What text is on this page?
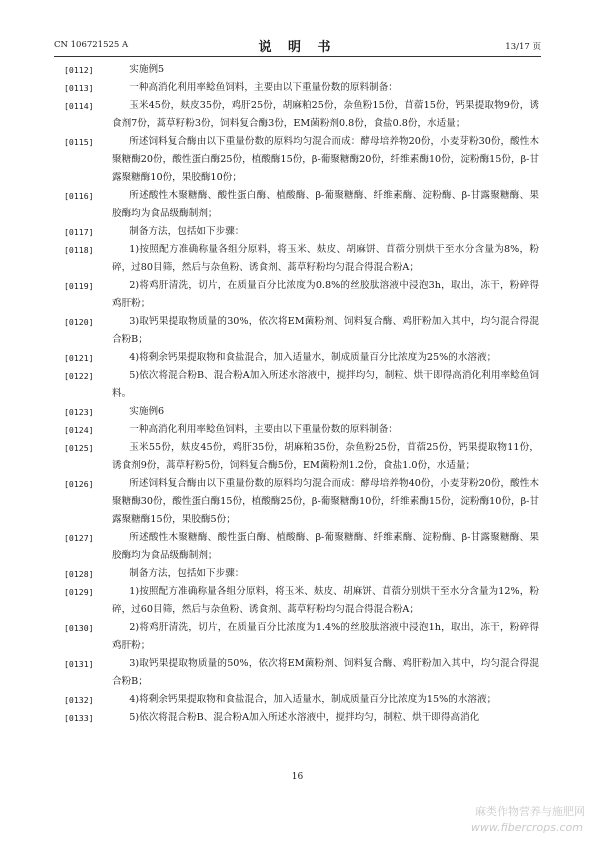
CN 106721525 A	说 明 书	13/17 页
[0112]	实施例5
[0113]	一种高消化利用率鲶鱼饲料，主要由以下重量份数的原料制备：
[0114]	玉米45份，麸皮35份，鸡肝25份，胡麻粕25份，杂鱼粉15份，苜蓿15份，钙果提取物9份，诱食剂7份，蒿草籽粉3份，饲料复合酶3份，EM菌粉剂0.8份，食盐0.8份，水适量；
[0115]	所述饲料复合酶由以下重量份数的原料均匀混合而成：酵母培养物20份，小麦芽粉30份，酸性木聚糖酶20份，酸性蛋白酶25份，植酸酶15份，β-葡聚糖酶20份，纤维素酶10份，淀粉酶15份，β-甘露聚糖酶10份，果胶酶10份；
[0116]	所述酸性木聚糖酶、酸性蛋白酶、植酸酶、β-葡聚糖酶、纤维素酶、淀粉酶、β-甘露聚糖酶、果胶酶均为食品级酶制剂；
[0117]	制备方法，包括如下步骤：
[0118]	1)按照配方准确称量各组分原料，将玉米、麸皮、胡麻饼、苜蓿分别烘干至水分含量为8%，粉碎，过80目筛，然后与杂鱼粉、诱食剂、蒿草籽粉均匀混合得混合粉A；
[0119]	2)将鸡肝清洗，切片，在质量百分比浓度为0.8%的丝胶肽溶液中浸泡3h，取出，冻干，粉碎得鸡肝粉；
[0120]	3)取钙果提取物质量的30%，依次将EM菌粉剂、饲料复合酶、鸡肝粉加入其中，均匀混合得混合粉B；
[0121]	4)将剩余钙果提取物和食盐混合，加入适量水，制成质量百分比浓度为25%的水溶液；
[0122]	5)依次将混合粉B、混合粉A加入所述水溶液中，搅拌均匀，制粒、烘干即得高消化利用率鲶鱼饲料。
[0123]	实施例6
[0124]	一种高消化利用率鲶鱼饲料，主要由以下重量份数的原料制备：
[0125]	玉米55份，麸皮45份，鸡肝35份，胡麻粕35份，杂鱼粉25份，苜蓿25份，钙果提取物11份，诱食剂9份，蒿草籽粉5份，饲料复合酶5份，EM菌粉剂1.2份，食盐1.0份，水适量；
[0126]	所述饲料复合酶由以下重量份数的原料均匀混合而成：酵母培养物40份，小麦芽粉20份，酸性木聚糖酶30份，酸性蛋白酶15份，植酸酶25份，β-葡聚糖酶10份，纤维素酶15份，淀粉酶10份，β-甘露聚糖酶15份，果胶酶5份；
[0127]	所述酸性木聚糖酶、酸性蛋白酶、植酸酶、β-葡聚糖酶、纤维素酶、淀粉酶、β-甘露聚糖酶、果胶酶均为食品级酶制剂；
[0128]	制备方法，包括如下步骤：
[0129]	1)按照配方准确称量各组分原料，将玉米、麸皮、胡麻饼、苜蓿分别烘干至水分含量为12%，粉碎，过60目筛，然后与杂鱼粉、诱食剂、蒿草籽粉均匀混合得混合粉A；
[0130]	2)将鸡肝清洗，切片，在质量百分比浓度为1.4%的丝胶肽溶液中浸泡1h，取出，冻干，粉碎得鸡肝粉；
[0131]	3)取钙果提取物质量的50%，依次将EM菌粉剂、饲料复合酶、鸡肝粉加入其中，均匀混合得混合粉B；
[0132]	4)将剩余钙果提取物和食盐混合，加入适量水，制成质量百分比浓度为15%的水溶液；
[0133]	5)依次将混合粉B、混合粉A加入所述水溶液中，搅拌均匀，制粒、烘干即得高消化
16
麻类作物营养与施肥网
www.fibercrops.com
